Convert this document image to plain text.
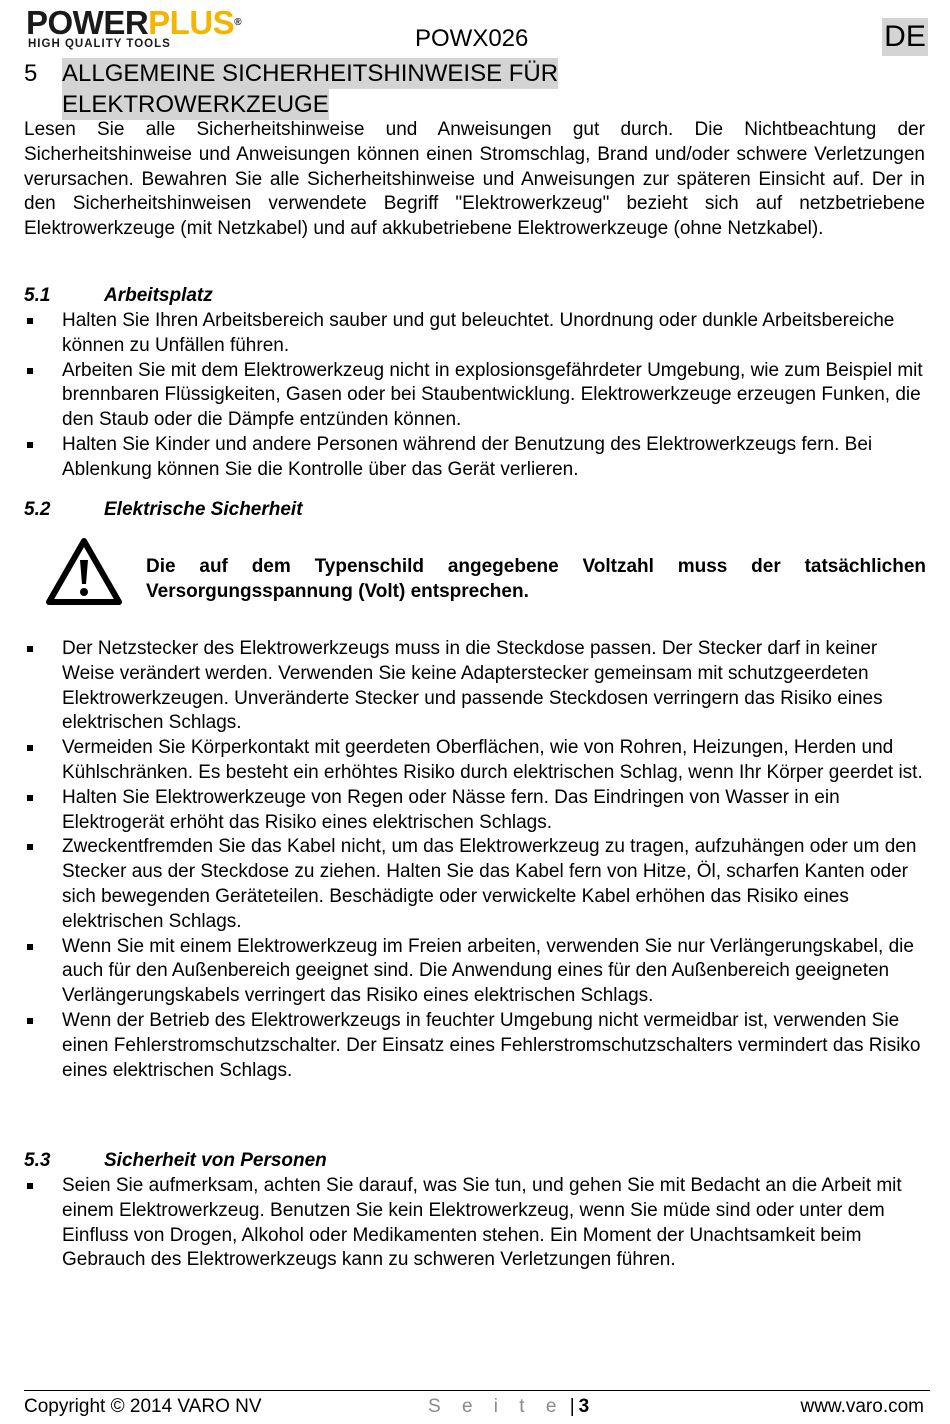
POWERPLUS®
HIGH QUALITY TOOLS	POWX026	DE
5 ALLGEMEINE SICHERHEITSHINWEISE FÜR
ELEKTROWERKZEUGE

Lesen Sie alle Sicherheitshinweise und Anweisungen gut durch. Die Nichtbeachtung der Sicherheitshinweise und Anweisungen können einen Stromschlag, Brand und/oder schwere Verletzungen verursachen. Bewahren Sie alle Sicherheitshinweise und Anweisungen zur späteren Einsicht auf. Der in den Sicherheitshinweisen verwendete Begriff "Elektrowerkzeug" bezieht sich auf netzbetriebene Elektrowerkzeuge (mit Netzkabel) und auf akkubetriebene Elektrowerkzeuge (ohne Netzkabel).

5.1	Arbeitsplatz
Halten Sie Ihren Arbeitsbereich sauber und gut beleuchtet. Unordnung oder dunkle Arbeitsbereiche können zu Unfällen führen.
Arbeiten Sie mit dem Elektrowerkzeug nicht in explosionsgefährdeter Umgebung, wie zum Beispiel mit brennbaren Flüssigkeiten, Gasen oder bei Staubentwicklung. Elektrowerkzeuge erzeugen Funken, die den Staub oder die Dämpfe entzünden können.
Halten Sie Kinder und andere Personen während der Benutzung des Elektrowerkzeugs fern. Bei Ablenkung können Sie die Kontrolle über das Gerät verlieren.
5.2	Elektrische Sicherheit

Die auf dem Typenschild angegebene Voltzahl muss der tatsächlichen Versorgungsspannung (Volt) entsprechen.

Der Netzstecker des Elektrowerkzeugs muss in die Steckdose passen. Der Stecker darf in keiner Weise verändert werden. Verwenden Sie keine Adapterstecker gemeinsam mit schutzgeerdeten Elektrowerkzeugen. Unveränderte Stecker und passende Steckdosen verringern das Risiko eines elektrischen Schlags.
Vermeiden Sie Körperkontakt mit geerdeten Oberflächen, wie von Rohren, Heizungen, Herden und Kühlschränken. Es besteht ein erhöhtes Risiko durch elektrischen Schlag, wenn Ihr Körper geerdet ist.
Halten Sie Elektrowerkzeuge von Regen oder Nässe fern. Das Eindringen von Wasser in ein Elektrogerät erhöht das Risiko eines elektrischen Schlags.
Zweckentfremden Sie das Kabel nicht, um das Elektrowerkzeug zu tragen, aufzuhängen oder um den Stecker aus der Steckdose zu ziehen. Halten Sie das Kabel fern von Hitze, Öl, scharfen Kanten oder sich bewegenden Geräteteilen. Beschädigte oder verwickelte Kabel erhöhen das Risiko eines elektrischen Schlags.
Wenn Sie mit einem Elektrowerkzeug im Freien arbeiten, verwenden Sie nur Verlängerungskabel, die auch für den Außenbereich geeignet sind. Die Anwendung eines für den Außenbereich geeigneten Verlängerungskabels verringert das Risiko eines elektrischen Schlags.
Wenn der Betrieb des Elektrowerkzeugs in feuchter Umgebung nicht vermeidbar ist, verwenden Sie einen Fehlerstromschutzschalter. Der Einsatz eines Fehlerstromschutzschalters vermindert das Risiko eines elektrischen Schlags.
5.3	Sicherheit von Personen
Seien Sie aufmerksam, achten Sie darauf, was Sie tun, und gehen Sie mit Bedacht an die Arbeit mit einem Elektrowerkzeug. Benutzen Sie kein Elektrowerkzeug, wenn Sie müde sind oder unter dem Einfluss von Drogen, Alkohol oder Medikamenten stehen. Ein Moment der Unachtsamkeit beim Gebrauch des Elektrowerkzeugs kann zu schweren Verletzungen führen.
Copyright © 2014 VARO NV	S e i t e | 3	www.varo.com
